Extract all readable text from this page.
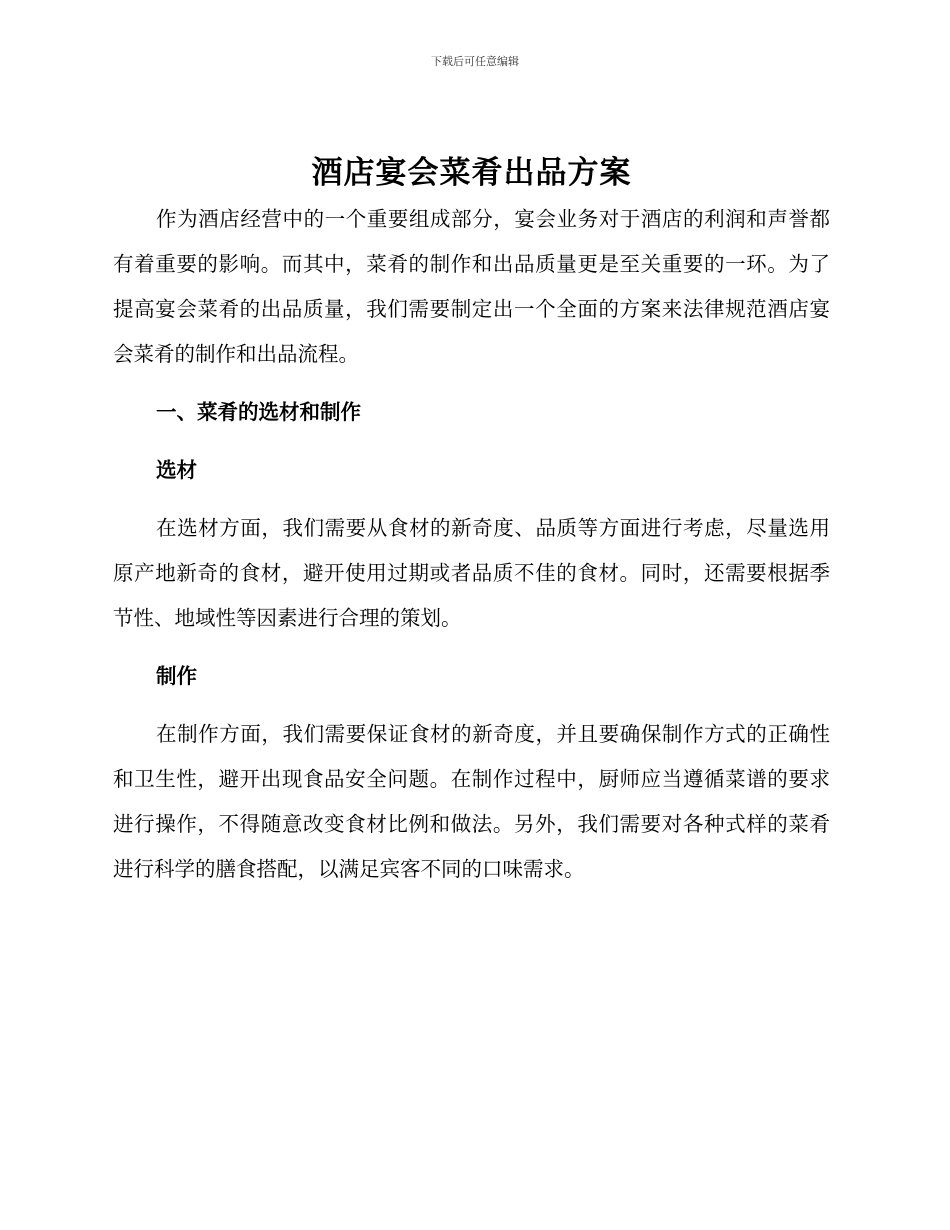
下载后可任意编辑
酒店宴会菜肴出品方案

作为酒店经营中的一个重要组成部分，宴会业务对于酒店的利润和声誉都有着重要的影响。而其中，菜肴的制作和出品质量更是至关重要的一环。为了提高宴会菜肴的出品质量，我们需要制定出一个全面的方案来法律规范酒店宴会菜肴的制作和出品流程。

一、菜肴的选材和制作
选材

在选材方面，我们需要从食材的新奇度、品质等方面进行考虑，尽量选用原产地新奇的食材，避开使用过期或者品质不佳的食材。同时，还需要根据季节性、地域性等因素进行合理的策划。

制作

在制作方面，我们需要保证食材的新奇度，并且要确保制作方式的正确性和卫生性，避开出现食品安全问题。在制作过程中，厨师应当遵循菜谱的要求进行操作，不得随意改变食材比例和做法。另外，我们需要对各种式样的菜肴进行科学的膳食搭配，以满足宾客不同的口味需求。
